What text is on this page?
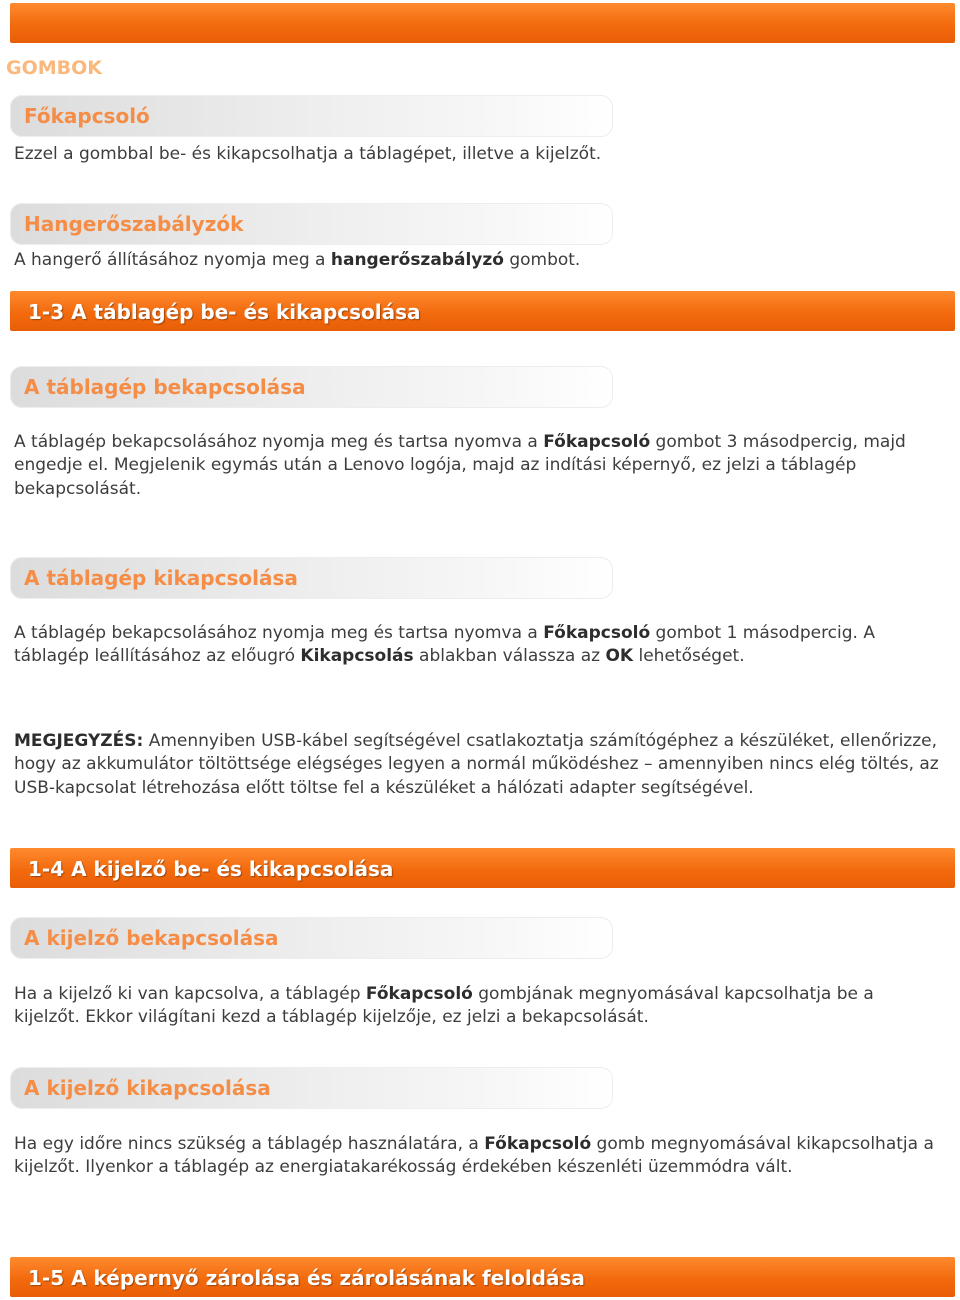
GOMBOK
Főkapcsoló
Ezzel a gombbal be- és kikapcsolhatja a táblagépet, illetve a kijelzőt.
Hangerőszabályzók
A hangerő állításához nyomja meg a hangerőszabályzó gombot.
1-3 A táblagép be- és kikapcsolása
A táblagép bekapcsolása
A táblagép bekapcsolásához nyomja meg és tartsa nyomva a Főkapcsoló gombot 3 másodpercig, majd engedje el. Megjelenik egymás után a Lenovo logója, majd az indítási képernyő, ez jelzi a táblagép bekapcsolását.
A táblagép kikapcsolása
A táblagép bekapcsolásához nyomja meg és tartsa nyomva a Főkapcsoló gombot 1 másodpercig. A táblagép leállításához az előugró Kikapcsolás ablakban válassza az OK lehetőséget.
MEGJEGYZÉS: Amennyiben USB-kábel segítségével csatlakoztatja számítógéphez a készüléket, ellenőrizze, hogy az akkumulátor töltöttsége elégséges legyen a normál működéshez – amennyiben nincs elég töltés, az USB-kapcsolat létrehozása előtt töltse fel a készüléket a hálózati adapter segítségével.
1-4 A kijelző be- és kikapcsolása
A kijelző bekapcsolása
Ha a kijelző ki van kapcsolva, a táblagép Főkapcsoló gombjának megnyomásával kapcsolhatja be a kijelzőt. Ekkor világítani kezd a táblagép kijelzője, ez jelzi a bekapcsolását.
A kijelző kikapcsolása
Ha egy időre nincs szükség a táblagép használatára, a Főkapcsoló gomb megnyomásával kikapcsolhatja a kijelzőt. Ilyenkor a táblagép az energiatakarékosság érdekében készenléti üzemmódra vált.
1-5 A képernyő zárolása és zárolásának feloldása
